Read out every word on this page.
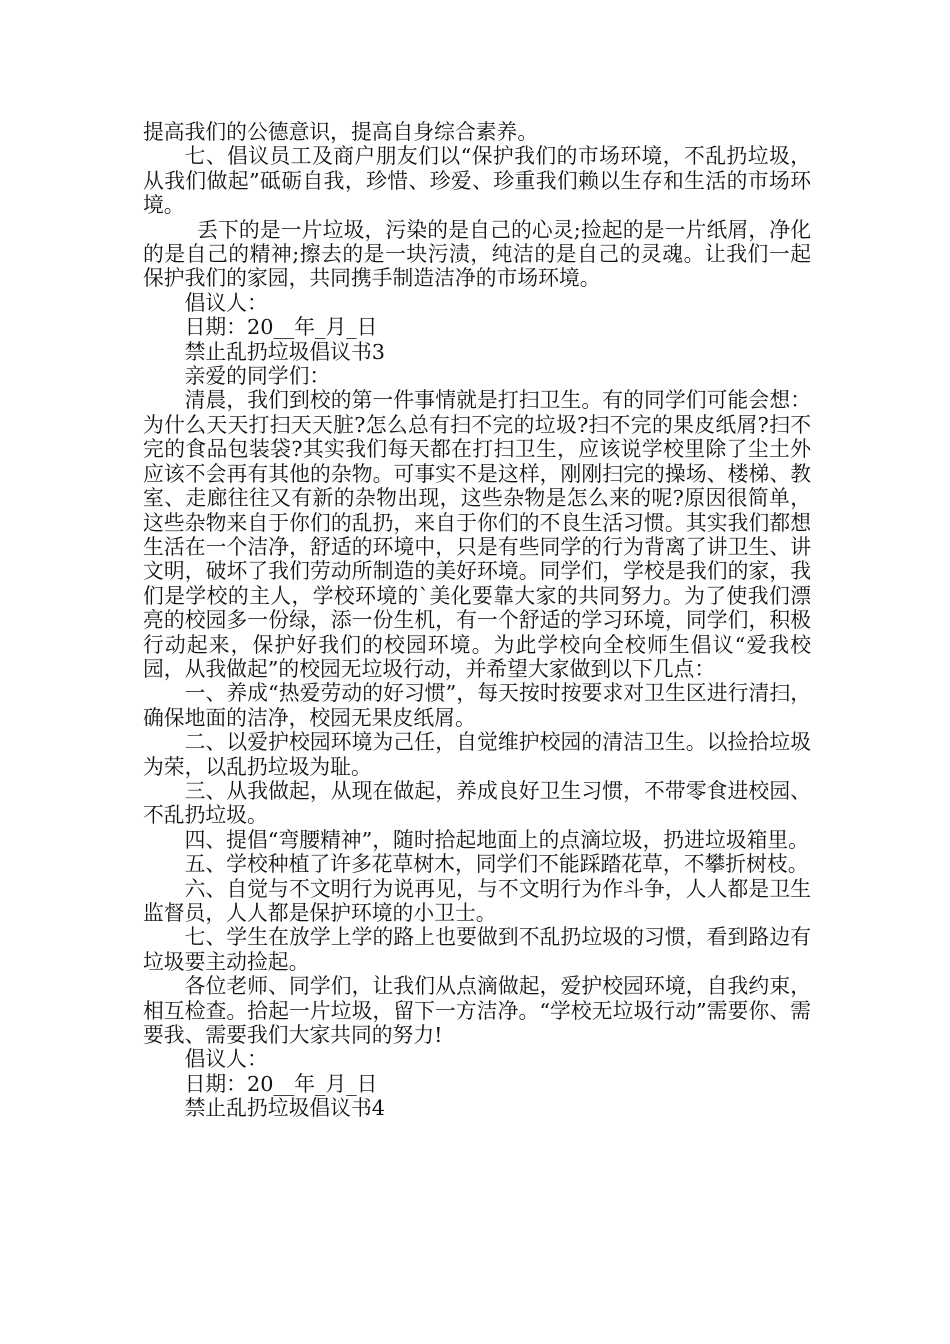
提高我们的公德意识，提高自身综合素养。

七、倡议员工及商户朋友们以“保护我们的市场环境，不乱扔垃圾，从我们做起”砥砺自我，珍惜、珍爱、珍重我们赖以生存和生活的市场环境。

丢下的是一片垃圾，污染的是自己的心灵;捡起的是一片纸屑，净化的是自己的精神;擦去的是一块污渍，纯洁的是自己的灵魂。让我们一起保护我们的家园，共同携手制造洁净的市场环境。

倡议人：

日期：20__年_月_日

禁止乱扔垃圾倡议书3

亲爱的同学们：

清晨，我们到校的第一件事情就是打扫卫生。有的同学们可能会想：为什么天天打扫天天脏?怎么总有扫不完的垃圾?扫不完的果皮纸屑?扫不完的食品包装袋?其实我们每天都在打扫卫生，应该说学校里除了尘土外应该不会再有其他的杂物。可事实不是这样，刚刚扫完的操场、楼梯、教室、走廊往往又有新的杂物出现，这些杂物是怎么来的呢?原因很简单，这些杂物来自于你们的乱扔，来自于你们的不良生活习惯。其实我们都想生活在一个洁净，舒适的环境中，只是有些同学的行为背离了讲卫生、讲文明，破坏了我们劳动所制造的美好环境。同学们，学校是我们的家，我们是学校的主人，学校环境的`美化要靠大家的共同努力。为了使我们漂亮的校园多一份绿，添一份生机，有一个舒适的学习环境，同学们，积极行动起来，保护好我们的校园环境。为此学校向全校师生倡议“爱我校园，从我做起”的校园无垃圾行动，并希望大家做到以下几点：

一、养成“热爱劳动的好习惯”，每天按时按要求对卫生区进行清扫，确保地面的洁净，校园无果皮纸屑。

二、以爱护校园环境为己任，自觉维护校园的清洁卫生。以捡拾垃圾为荣，以乱扔垃圾为耻。

三、从我做起，从现在做起，养成良好卫生习惯，不带零食进校园、不乱扔垃圾。

四、提倡“弯腰精神”，随时拾起地面上的点滴垃圾，扔进垃圾箱里。

五、学校种植了许多花草树木，同学们不能踩踏花草，不攀折树枝。

六、自觉与不文明行为说再见，与不文明行为作斗争，人人都是卫生监督员，人人都是保护环境的小卫士。

七、学生在放学上学的路上也要做到不乱扔垃圾的习惯，看到路边有垃圾要主动捡起。

各位老师、同学们，让我们从点滴做起，爱护校园环境，自我约束，相互检查。拾起一片垃圾，留下一方洁净。“学校无垃圾行动”需要你、需要我、需要我们大家共同的努力!

倡议人：

日期：20__年_月_日

禁止乱扔垃圾倡议书4
